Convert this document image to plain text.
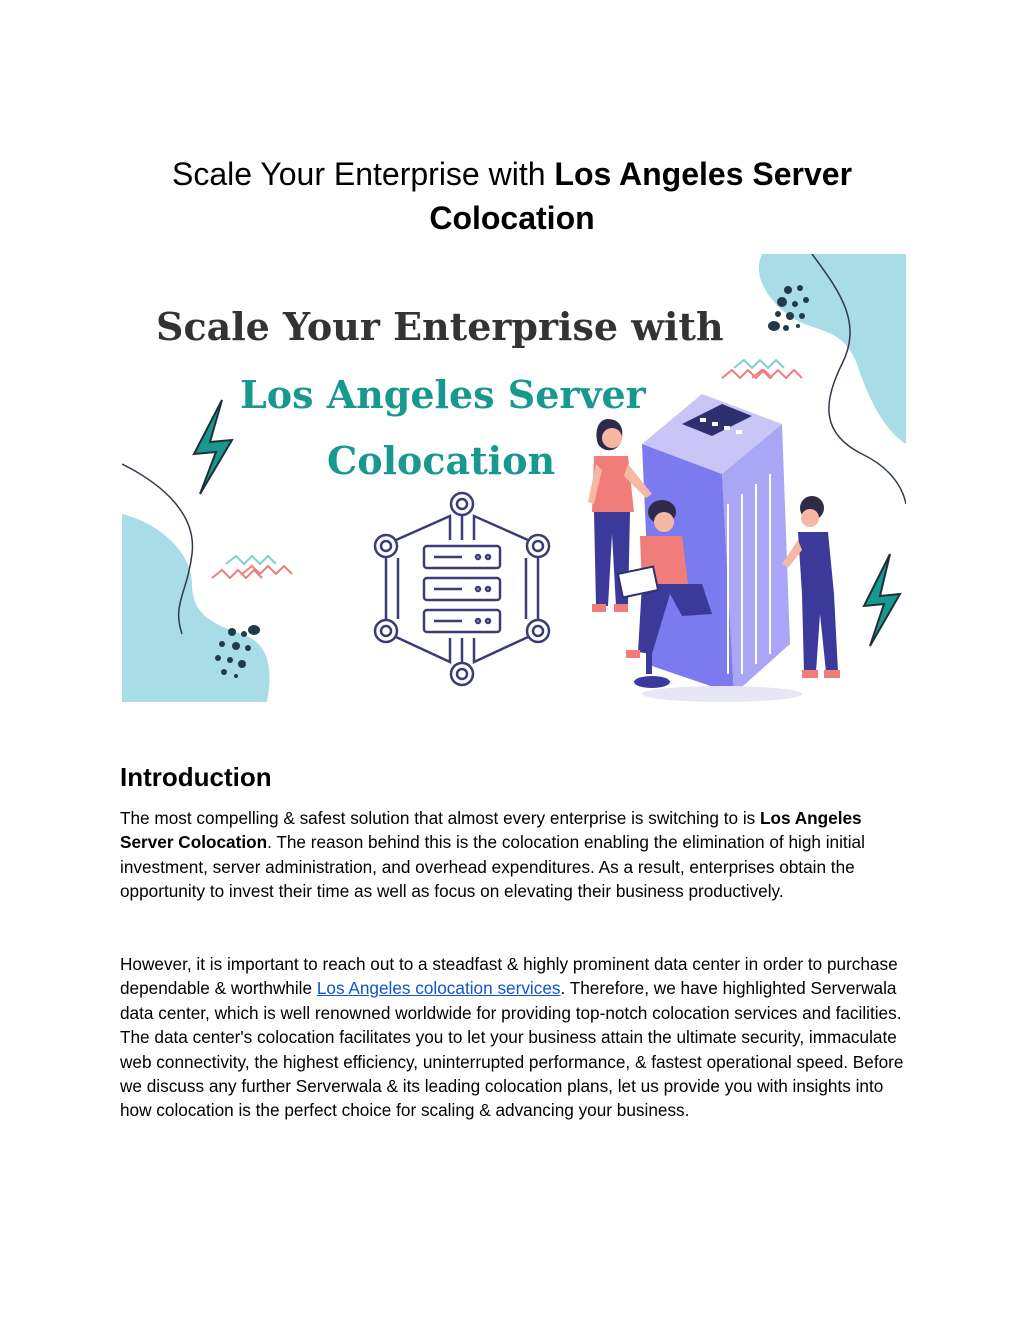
Scale Your Enterprise with Los Angeles Server Colocation
Scale Your Enterprise with
Los Angeles Server
Colocation
Introduction

The most compelling & safest solution that almost every enterprise is switching to is Los Angeles Server Colocation. The reason behind this is the colocation enabling the elimination of high initial investment, server administration, and overhead expenditures. As a result, enterprises obtain the opportunity to invest their time as well as focus on elevating their business productively.

However, it is important to reach out to a steadfast & highly prominent data center in order to purchase dependable & worthwhile Los Angeles colocation services. Therefore, we have highlighted Serverwala data center, which is well renowned worldwide for providing top-notch colocation services and facilities. The data center's colocation facilitates you to let your business attain the ultimate security, immaculate web connectivity, the highest efficiency, uninterrupted performance, & fastest operational speed. Before we discuss any further Serverwala & its leading colocation plans, let us provide you with insights into how colocation is the perfect choice for scaling & advancing your business.
